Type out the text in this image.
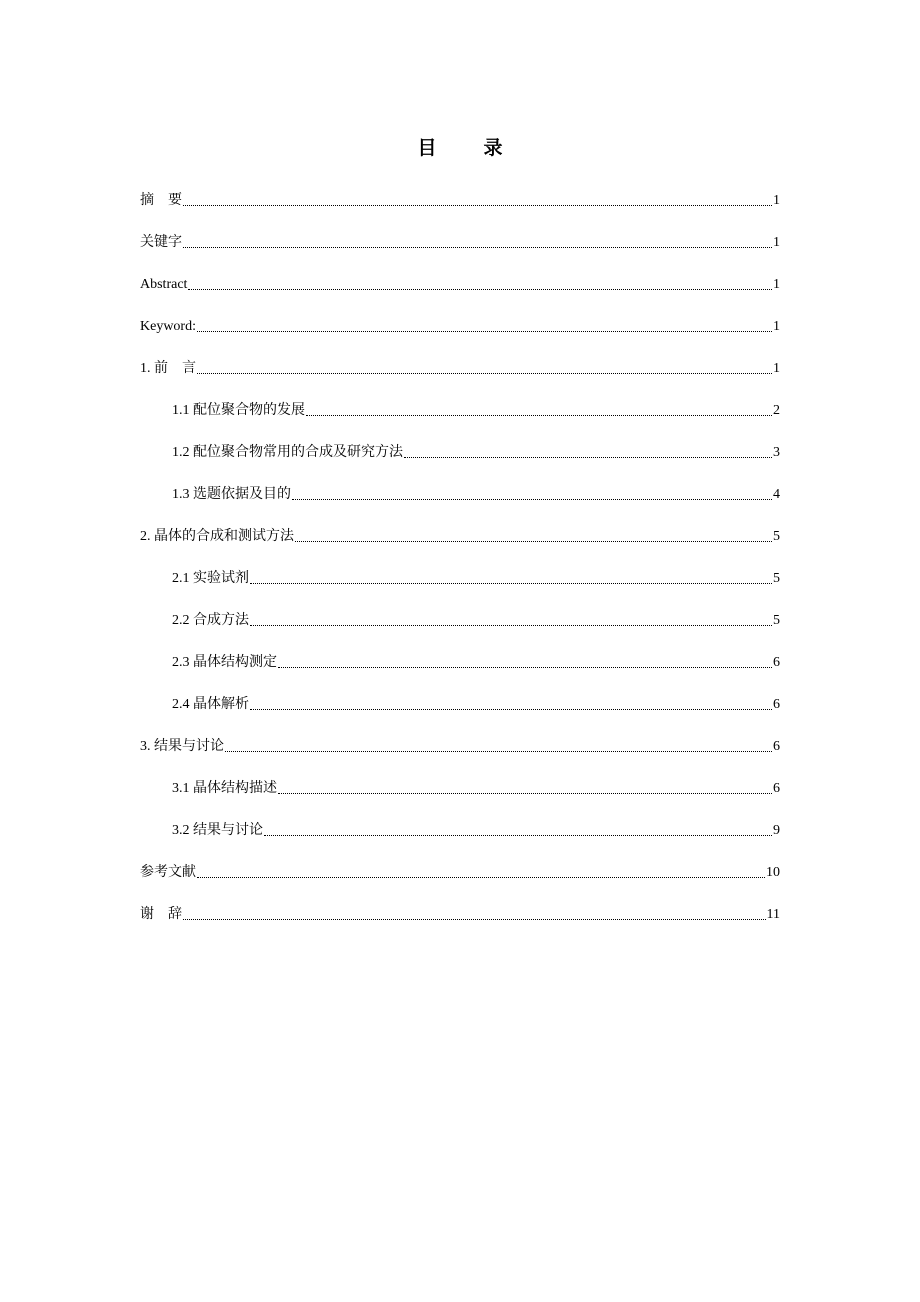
目　录
摘　要	1
关键字	1
Abstract	1
Keyword:	1
1. 前　言	1
1.1 配位聚合物的发展	2
1.2 配位聚合物常用的合成及研究方法	3
1.3 选题依据及目的	4
2. 晶体的合成和测试方法	5
2.1 实验试剂	5
2.2 合成方法	5
2.3 晶体结构测定	6
2.4 晶体解析	6
3. 结果与讨论	6
3.1 晶体结构描述	6
3.2 结果与讨论	9
参考文献	10
谢　辞	11
